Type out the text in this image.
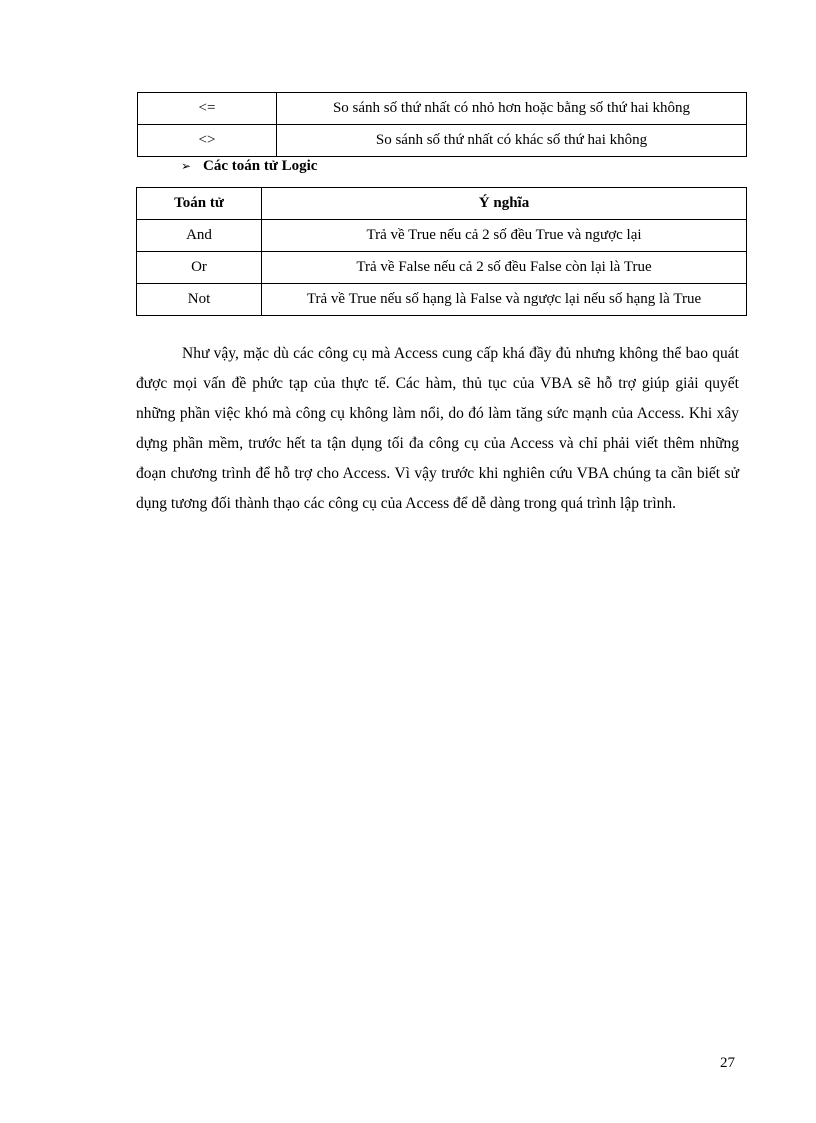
<=	So sánh số thứ nhất có nhỏ hơn hoặc bằng số thứ hai không
<>	So sánh số thứ nhất có khác số thứ hai không
➢ Các toán tử Logic
Toán tử	Ý nghĩa
And	Trả về True nếu cả 2 số đều True và ngược lại
Or	Trả về False nếu cả 2 số đều False còn lại là True
Not	Trả về True nếu số hạng là False và ngược lại nếu số hạng là True

Như vậy, mặc dù các công cụ mà Access cung cấp khá đầy đủ nhưng không thể bao quát được mọi vấn đề phức tạp của thực tế. Các hàm, thủ tục của VBA sẽ hỗ trợ giúp giải quyết những phần việc khó mà công cụ không làm nổi, do đó làm tăng sức mạnh của Access. Khi xây dựng phần mềm, trước hết ta tận dụng tối đa công cụ của Access và chỉ phải viết thêm những đoạn chương trình để hỗ trợ cho Access. Vì vậy trước khi nghiên cứu VBA chúng ta cần biết sử dụng tương đối thành thạo các công cụ của Access để dễ dàng trong quá trình lập trình.

27
